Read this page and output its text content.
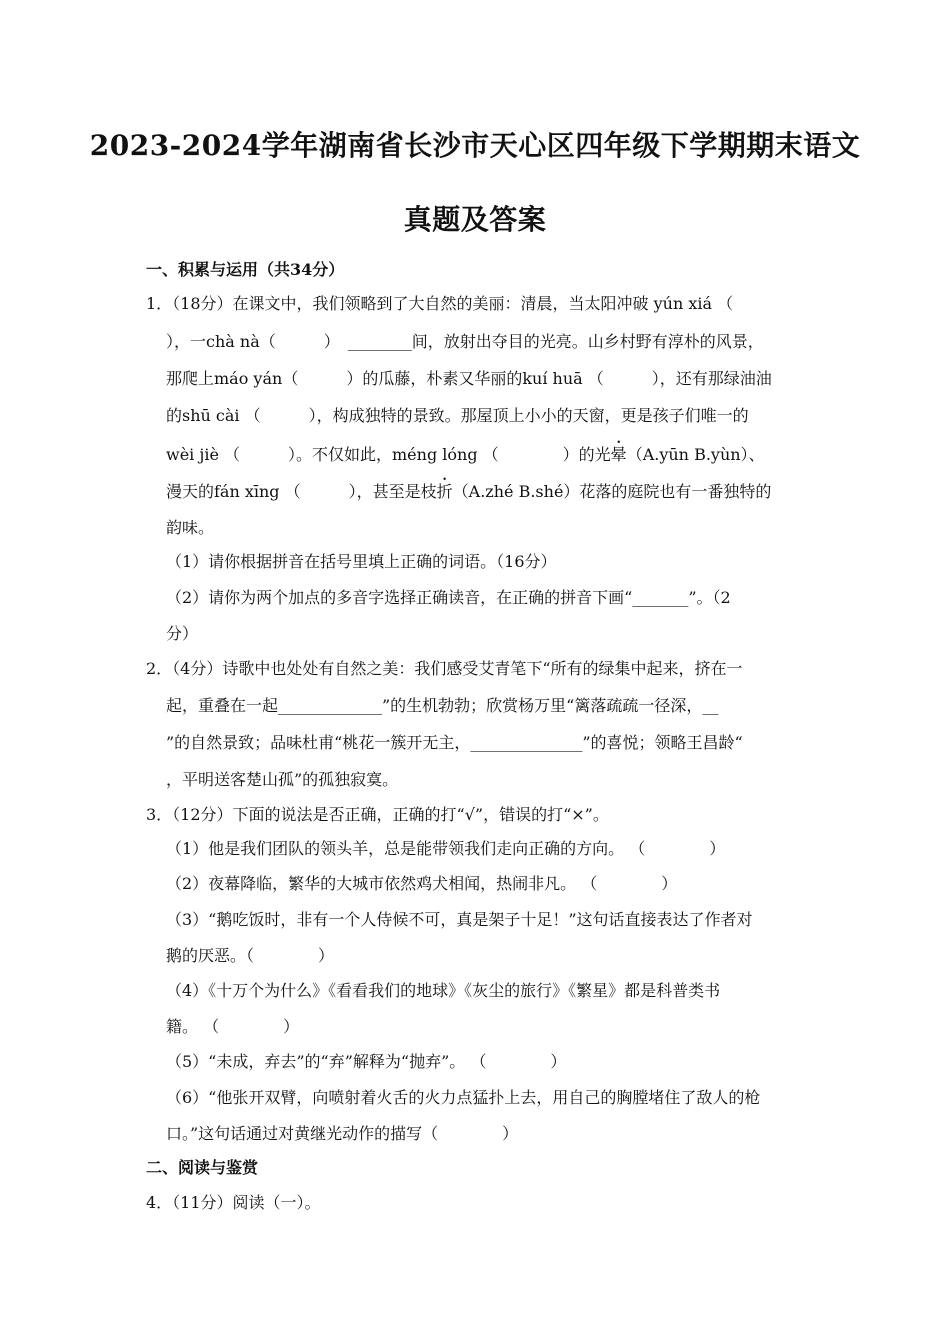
2023-2024学年湖南省长沙市天心区四年级下学期期末语文
真题及答案
一、积累与运用（共34分）
1．（18分）在课文中，我们领略到了大自然的美丽：清晨，当太阳冲破 yún xiá （
），一chà nà（　　　）　________间，放射出夺目的光亮。山乡村野有淳朴的风景，
那爬上máo yán（　　　）的瓜藤，朴素又华丽的kuí huā （　　　），还有那绿油油
的shū cài （　　　），构成独特的景致。那屋顶上小小的天窗，更是孩子们唯一的
wèi jiè （　　　）。不仅如此，méng lóng （　　　　）的光晕（A.yūn B.yùn）、
漫天的fán xīng （　　　），甚至是枝折（A.zhé B.shé）花落的庭院也有一番独特的
韵味。
（1）请你根据拼音在括号里填上正确的词语。（16分）
（2）请你为两个加点的多音字选择正确读音，在正确的拼音下画“_______”。（2
分）
2．（4分）诗歌中也处处有自然之美：我们感受艾青笔下“所有的绿集中起来，挤在一
起，重叠在一起_____________”的生机勃勃；欣赏杨万里“篱落疏疏一径深，__
”的自然景致；品味杜甫“桃花一簇开无主，______________”的喜悦；领略王昌龄“
，平明送客楚山孤”的孤独寂寞。
3．（12分）下面的说法是否正确，正确的打“√”，错误的打“×”。
（1）他是我们团队的领头羊，总是能带领我们走向正确的方向。 （　　　　）
（2）夜幕降临，繁华的大城市依然鸡犬相闻，热闹非凡。 （　　　　）
（3）“鹅吃饭时，非有一个人侍候不可，真是架子十足！”这句话直接表达了作者对
鹅的厌恶。（　　　　）
（4）《十万个为什么》《看看我们的地球》《灰尘的旅行》《繁星》都是科普类书
籍。 （　　　　）
（5）“未成，弃去”的“弃”解释为“抛弃”。 （　　　　）
（6）“他张开双臂，向喷射着火舌的火力点猛扑上去，用自己的胸膛堵住了敌人的枪
口。”这句话通过对黄继光动作的描写（　　　　）
二、阅读与鉴赏
4．（11分）阅读（一）。
